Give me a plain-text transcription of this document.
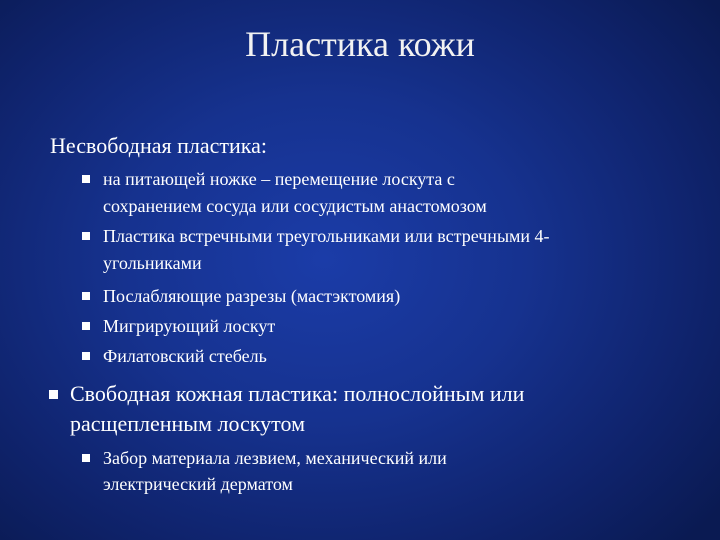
Пластика кожи
Несвободная пластика:
на питающей ножке – перемещение лоскута с
сохранением сосуда или сосудистым анастомозом
Пластика встречными треугольниками или встречными 4-
угольниками
Послабляющие разрезы (мастэктомия)
Мигрирующий лоскут
Филатовский стебель
Свободная кожная пластика: полнослойным или
расщепленным лоскутом
Забор материала лезвием, механический или
электрический дерматом
